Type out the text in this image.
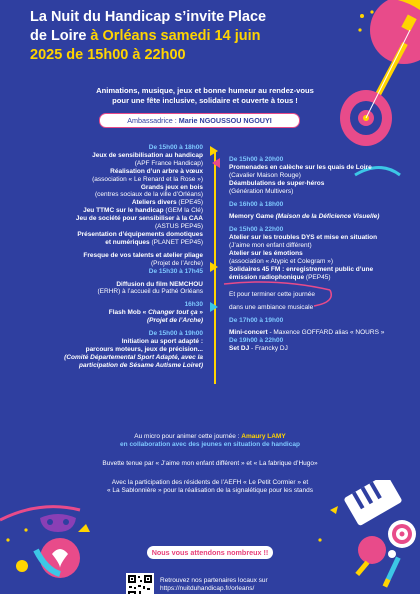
La Nuit du Handicap s’invite Place
de Loire à Orléans samedi 14 juin
2025 de 15h00 à 22h00
Animations, musique, jeux et bonne humeur au rendez-vous
pour une fête inclusive, solidaire et ouverte à tous !
Ambassadrice : Marie NGOUSSOU NGOUYI
De 15h00 à 18h00
Jeux de sensibilisation au handicap
(APF France Handicap)
Réalisation d’un arbre à vœux
(association « Le Renard et la Rose »)
Grands jeux en bois
(centres sociaux de la ville d’Orléans)
Ateliers divers (EPE45)
Jeu TTMC sur le handicap (GEM la Clé)
Jeu de société pour sensibiliser à la CAA
(ASTUS PEP45)
Présentation d’équipements domotiques
et numériques (PLANET PEP45)
Fresque de vos talents et atelier pliage
(Projet de l’Arche)
De 15h30 à 17h45
Diffusion du film NEMCHOU
(ERHR) à l’accueil du Pathé Orléans
16h30
Flash Mob « Changer tout ça »
(Projet de l’Arche)
De 15h00 à 19h00
Initiation au sport adapté :
parcours moteurs, jeux de précision...
(Comité Départemental Sport Adapté, avec la
participation de Sésame Autisme Loiret)
De 15h00 à 20h00
Promenades en calèche sur les quais de Loire
(Cavalier Maison Rouge)
Déambulations de super-héros
(Génération Multivers)
De 16h00 à 18h00
Memory Game (Maison de la Déficience Visuelle)
De 15h00 à 22h00
Atelier sur les troubles DYS et mise en situation
(J’aime mon enfant différent)
Atelier sur les émotions
(association « Atypic et Colegram »)
Solidaires 45 FM : enregistrement public d’une
émission radiophonique (PEP45)
Et pour terminer cette journée
dans une ambiance musicale
De 17h00 à 19h00
Mini-concert - Maxence GOFFARD alias « NOURS »
De 19h00 à 22h00
Set DJ - Francky DJ
Au micro pour animer cette journée : Amaury LAMY
en collaboration avec des jeunes en situation de handicap
Buvette tenue par « J’aime mon enfant différent » et « La fabrique d’Hugo»
Avec la participation des résidents de l’AEFH « Le Petit Cormier » et
« La Sablonnière » pour la réalisation de la signalétique pour les stands
Nous vous attendons nombreux !!
Retrouvez nos partenaires locaux sur
https://nuitduhandicap.fr/orleans/
